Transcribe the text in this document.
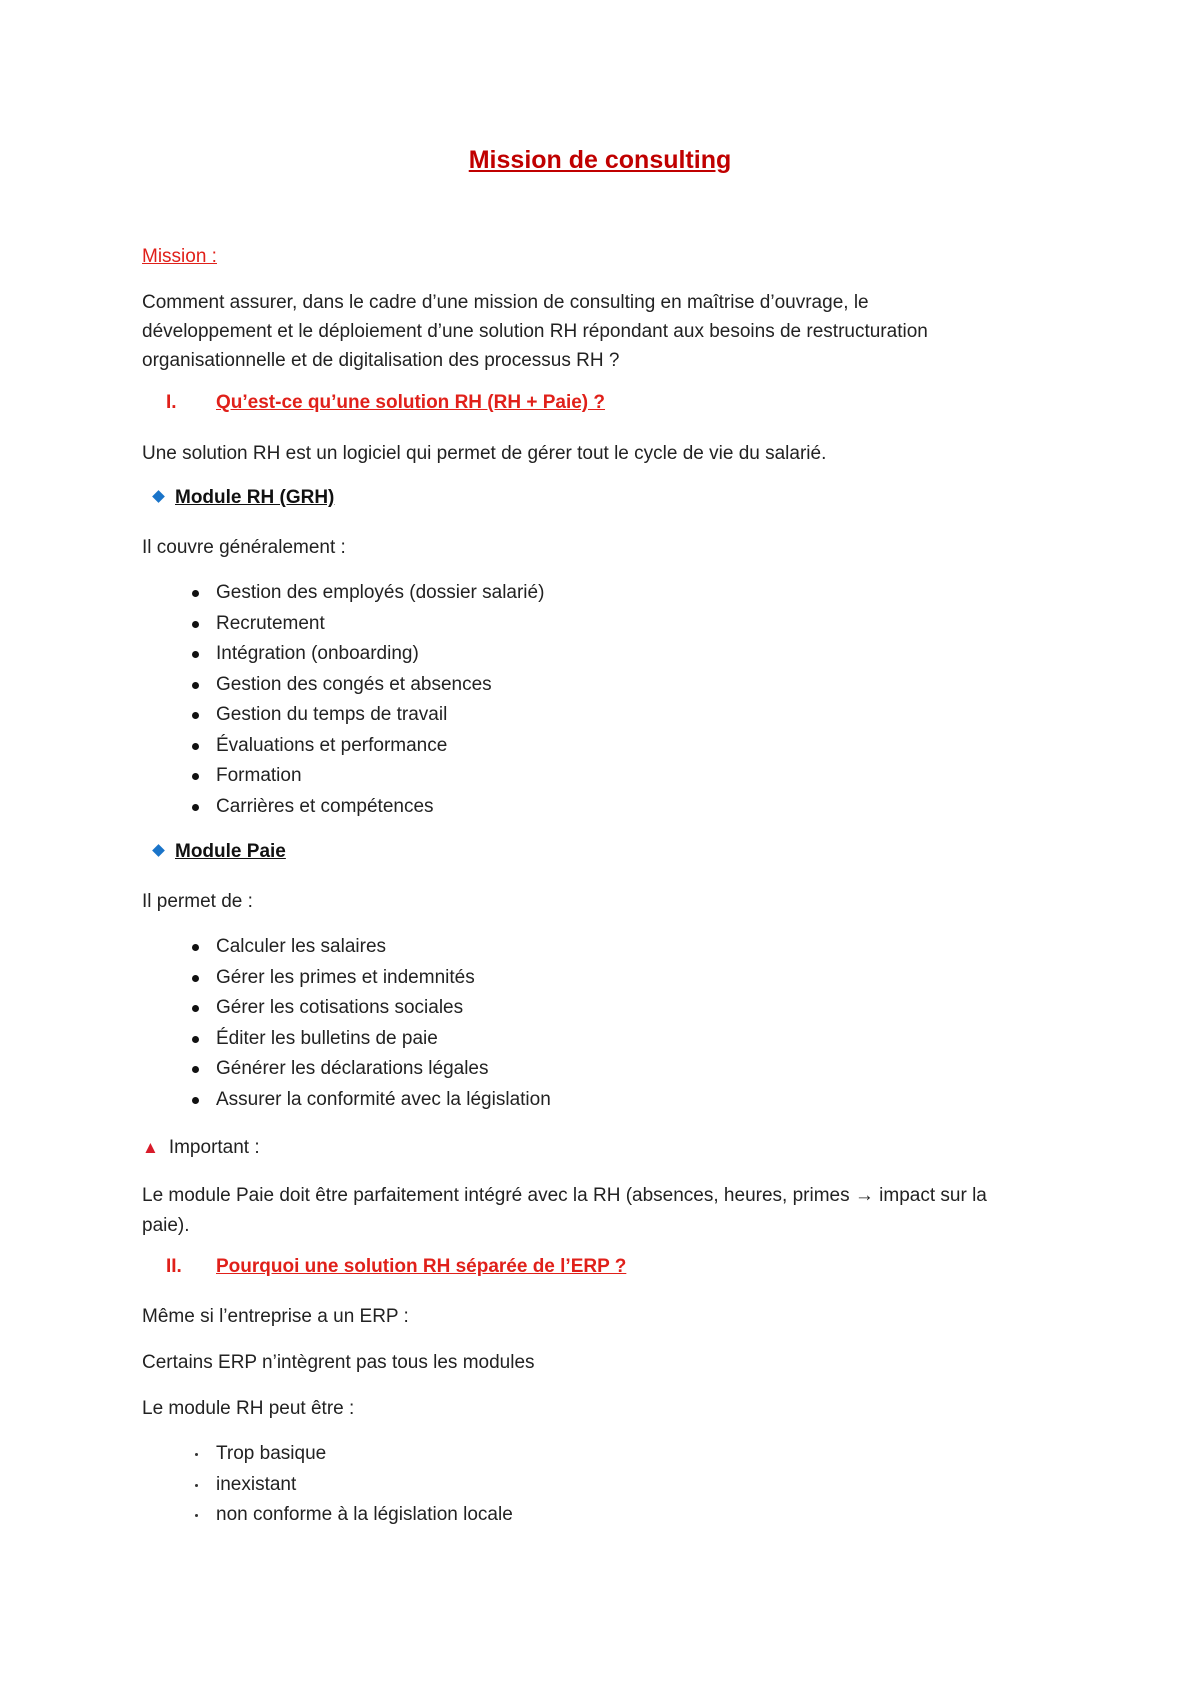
Mission de consulting
Mission :
Comment assurer, dans le cadre d’une mission de consulting en maîtrise d’ouvrage, le
développement et le déploiement d’une solution RH répondant aux besoins de restructuration
organisationnelle et de digitalisation des processus RH ?
I. Qu’est-ce qu’une solution RH (RH + Paie) ?
Une solution RH est un logiciel qui permet de gérer tout le cycle de vie du salarié.
Module RH (GRH)
Il couvre généralement :
Gestion des employés (dossier salarié)
Recrutement
Intégration (onboarding)
Gestion des congés et absences
Gestion du temps de travail
Évaluations et performance
Formation
Carrières et compétences
Module Paie
Il permet de :
Calculer les salaires
Gérer les primes et indemnités
Gérer les cotisations sociales
Éditer les bulletins de paie
Générer les déclarations légales
Assurer la conformité avec la législation
▲ Important :
Le module Paie doit être parfaitement intégré avec la RH (absences, heures, primes → impact sur la
paie).
II. Pourquoi une solution RH séparée de l’ERP ?
Même si l’entreprise a un ERP :
Certains ERP n’intègrent pas tous les modules
Le module RH peut être :
Trop basique
inexistant
non conforme à la législation locale
